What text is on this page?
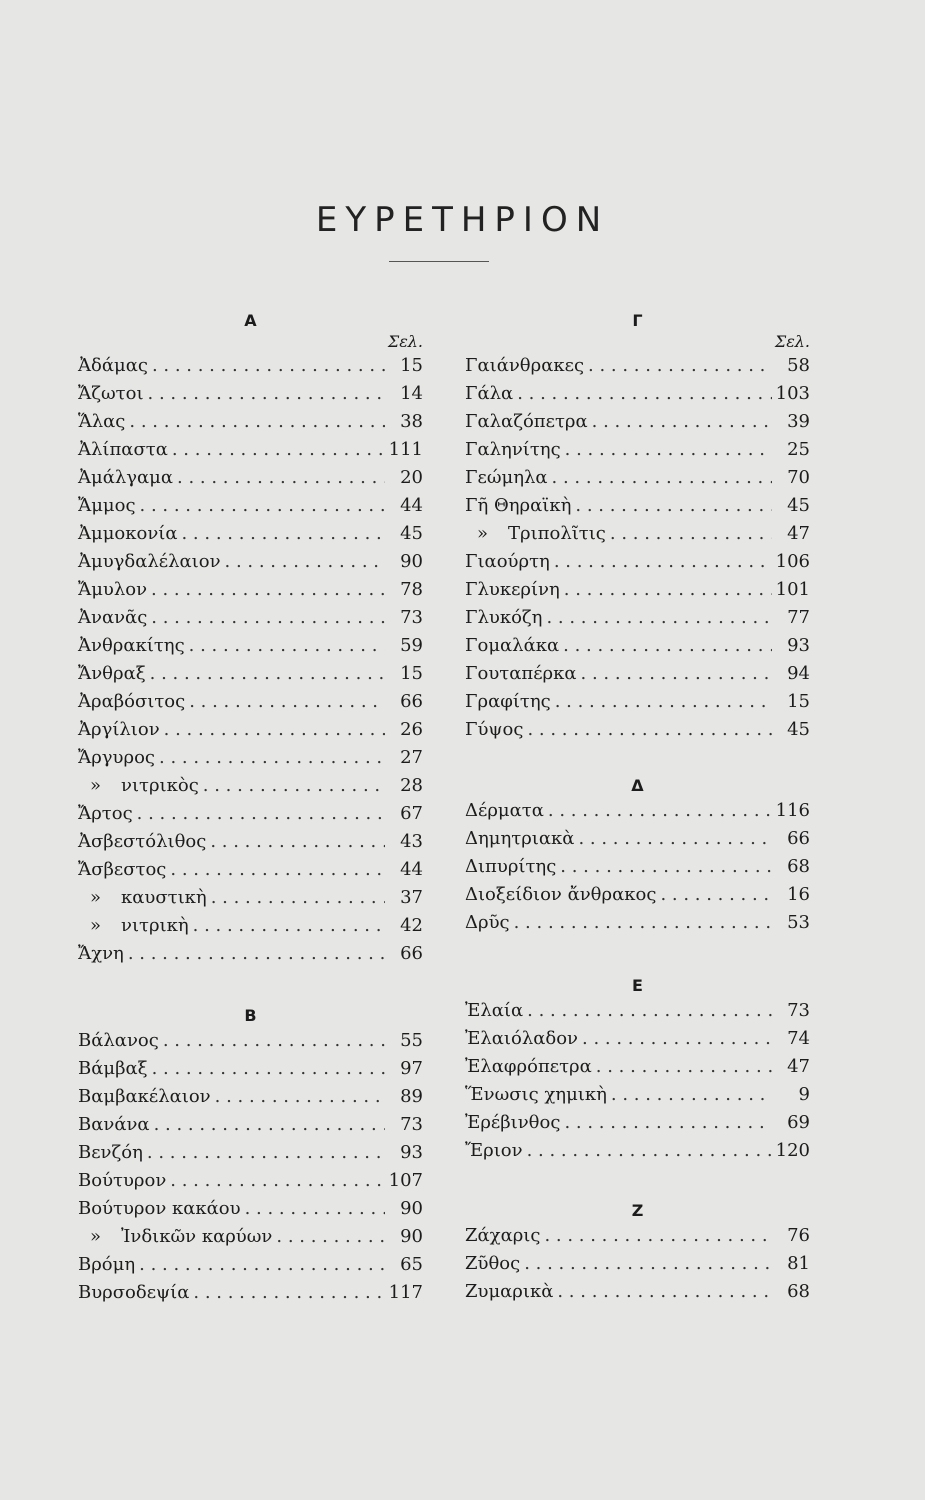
ΕΥΡΕΤΗΡΙΟΝ
Α
Σελ.
Ἀδάμας . . .	15
Ἄζωτοι . . .	14
Ἅλας . . .	38
Ἀλίπαστα . . .	111
Ἀμάλγαμα . . .	20
Ἄμμος . . .	44
Ἀμμοκονία . . .	45
Ἀμυγδαλέλαιον . . .	90
Ἄμυλον . . .	78
Ἀνανᾶς . . .	73
Ἀνθρακίτης . . .	59
Ἄνθραξ . . .	15
Ἀραβόσιτος . . .	66
Ἀργίλιον . . .	26
Ἄργυρος . . .	27
»	νιτρικὸς . . .	28
Ἄρτος . . .	67
Ἀσβεστόλιθος . . .	43
Ἄσβεστος . . .	44
»	καυστικὴ . . .	37
»	νιτρικὴ . . .	42
Ἄχνη . . .	66
Β
Βάλανος . . .	55
Βάμβαξ . . .	97
Βαμβακέλαιον . . .	89
Βανάνα . . .	73
Βενζόη . . .	93
Βούτυρον . . .	107
Βούτυρον κακάου . . .	90
»	Ἰνδικῶν καρύων . . .	90
Βρόμη . . .	65
Βυρσοδεψία . . .	117
Γ
Σελ.
Γαιάνθρακες . . .	58
Γάλα . . .	103
Γαλαζόπετρα . . .	39
Γαληνίτης . . .	25
Γεώμηλα . . .	70
Γῆ Θηραϊκὴ . . .	45
»	Τριπολῖτις . . .	47
Γιαούρτη . . .	106
Γλυκερίνη . . .	101
Γλυκόζη . . .	77
Γομαλάκα . . .	93
Γουταπέρκα . . .	94
Γραφίτης . . .	15
Γύψος . . .	45
Δ
Δέρματα . . .	116
Δημητριακὰ . . .	66
Διπυρίτης . . .	68
Διοξείδιον ἄνθρακος . . .	16
Δρῦς . . .	53
Ε
Ἐλαία . . .	73
Ἐλαιόλαδον . . .	74
Ἐλαφρόπετρα . . .	47
Ἕνωσις χημικὴ . . .	9
Ἐρέβινθος . . .	69
Ἔριον . . .	120
Ζ
Ζάχαρις . . .	76
Ζῦθος . . .	81
Ζυμαρικὰ . . .	68
